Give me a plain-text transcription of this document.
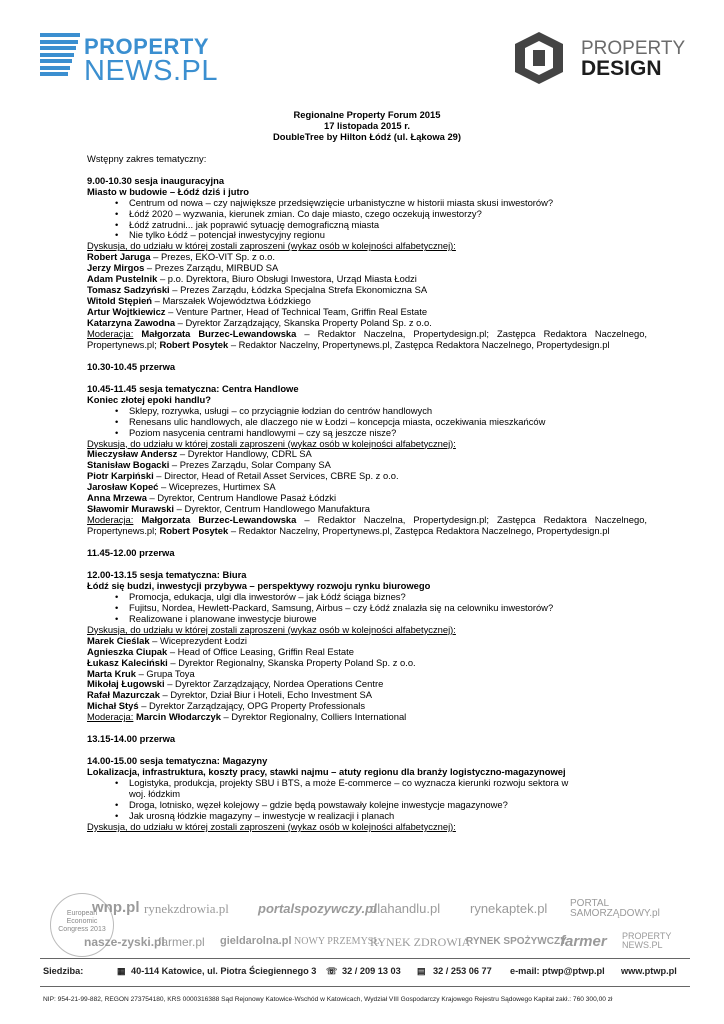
PROPERTY
NEWS.PL
PROPERTY
DESIGN

Regionalne Property Forum 2015

17 listopada 2015 r.

DoubleTree by Hilton Łódź (ul. Łąkowa 29)

Wstępny zakres tematyczny:

9.00-10.30 sesja inauguracyjna

Miasto w budowie – Łódź dziś i jutro

• Centrum od nowa – czy największe przedsięwzięcie urbanistyczne w historii miasta skusi inwestorów?
• Łódź 2020 – wyzwania, kierunek zmian. Co daje miasto, czego oczekują inwestorzy?
• Łódź zatrudni... jak poprawić sytuację demograficzną miasta
• Nie tylko Łódź – potencjał inwestycyjny regionu

Dyskusja, do udziału w której zostali zaproszeni (wykaz osób w kolejności alfabetycznej):

Robert Jaruga – Prezes, EKO-VIT Sp. z o.o.

Jerzy Mirgos – Prezes Zarządu, MIRBUD SA

Adam Pustelnik – p.o. Dyrektora, Biuro Obsługi Inwestora, Urząd Miasta Łodzi

Tomasz Sadzyński – Prezes Zarządu, Łódzka Specjalna Strefa Ekonomiczna SA

Witold Stępień – Marszałek Województwa Łódzkiego

Artur Wojtkiewicz – Venture Partner, Head of Technical Team, Griffin Real Estate

Katarzyna Zawodna – Dyrektor Zarządzający, Skanska Property Poland Sp. z o.o.

Moderacja: Małgorzata Burzec-Lewandowska – Redaktor Naczelna, Propertydesign.pl; Zastępca Redaktora Naczelnego, Propertynews.pl; Robert Posytek – Redaktor Naczelny, Propertynews.pl, Zastępca Redaktora Naczelnego, Propertydesign.pl

10.30-10.45 przerwa

10.45-11.45 sesja tematyczna: Centra Handlowe

Koniec złotej epoki handlu?

• Sklepy, rozrywka, usługi – co przyciągnie łodzian do centrów handlowych
• Renesans ulic handlowych, ale dlaczego nie w Łodzi – koncepcja miasta, oczekiwania mieszkańców
• Poziom nasycenia centrami handlowymi – czy są jeszcze nisze?

Dyskusja, do udziału w której zostali zaproszeni (wykaz osób w kolejności alfabetycznej):

Mieczysław Andersz – Dyrektor Handlowy, CDRL SA

Stanisław Bogacki – Prezes Zarządu, Solar Company SA

Piotr Karpiński – Director, Head of Retail Asset Services, CBRE Sp. z o.o.

Jarosław Kopeć – Wiceprezes, Hurtimex SA

Anna Mrzewa – Dyrektor, Centrum Handlowe Pasaż Łódzki

Sławomir Murawski – Dyrektor, Centrum Handlowego Manufaktura

Moderacja: Małgorzata Burzec-Lewandowska – Redaktor Naczelna, Propertydesign.pl; Zastępca Redaktora Naczelnego, Propertynews.pl; Robert Posytek – Redaktor Naczelny, Propertynews.pl, Zastępca Redaktora Naczelnego, Propertydesign.pl

11.45-12.00 przerwa

12.00-13.15 sesja tematyczna: Biura

Łódź się budzi, inwestycji przybywa – perspektywy rozwoju rynku biurowego

• Promocja, edukacja, ulgi dla inwestorów – jak Łódź ściąga biznes?
• Fujitsu, Nordea, Hewlett-Packard, Samsung, Airbus – czy Łódź znalazła się na celowniku inwestorów?
• Realizowane i planowane inwestycje biurowe

Dyskusja, do udziału w której zostali zaproszeni (wykaz osób w kolejności alfabetycznej):

Marek Cieślak – Wiceprezydent Łodzi

Agnieszka Ciupak – Head of Office Leasing, Griffin Real Estate

Łukasz Kaleciński – Dyrektor Regionalny, Skanska Property Poland Sp. z o.o.

Marta Kruk – Grupa Toya

Mikołaj Ługowski – Dyrektor Zarządzający, Nordea Operations Centre

Rafał Mazurczak – Dyrektor, Dział Biur i Hoteli, Echo Investment SA

Michał Styś – Dyrektor Zarządzający, OPG Property Professionals

Moderacja: Marcin Włodarczyk – Dyrektor Regionalny, Colliers International

13.15-14.00 przerwa

14.00-15.00 sesja tematyczna: Magazyny

Lokalizacja, infrastruktura, koszty pracy, stawki najmu – atuty regionu dla branży logistyczno-magazynowej

• Logistyka, produkcja, projekty SBU i BTS, a może E-commerce – co wyznacza kierunki rozwoju sektora w woj. łódzkim
• Droga, lotnisko, węzeł kolejowy – gdzie będą powstawały kolejne inwestycje magazynowe?
• Jak urosną łódzkie magazyny – inwestycje w realizacji i planach

Dyskusja, do udziału w której zostali zaproszeni (wykaz osób w kolejności alfabetycznej):

European Economic Congress 2013
wnp.pl rynekzdrowia.pl portalspozywczy.pl
dlahandlu.pl rynekaptek.pl PORTAL SAMORZĄDOWY.pl
nasze-zyski.pl
farmer.pl gieldarolna.pl NOWY PRZEMYSŁ
RYNEK ZDROWIA
RYNEK SPOŻYWCZY
farmer PROPERTY NEWS.PL
Siedziba:	▦ 40-114 Katowice, ul. Piotra Ściegiennego 3 ☏ 32 / 209 13 03 ▤ 32 / 253 06 77 e-mail: ptwp@ptwp.pl www.ptwp.pl
NIP: 954-21-99-882, REGON 273754180, KRS 0000316388 Sąd Rejonowy Katowice-Wschód w Katowicach, Wydział VIII Gospodarczy Krajowego Rejestru Sądowego Kapitał zakł.: 760 300,00 zł
